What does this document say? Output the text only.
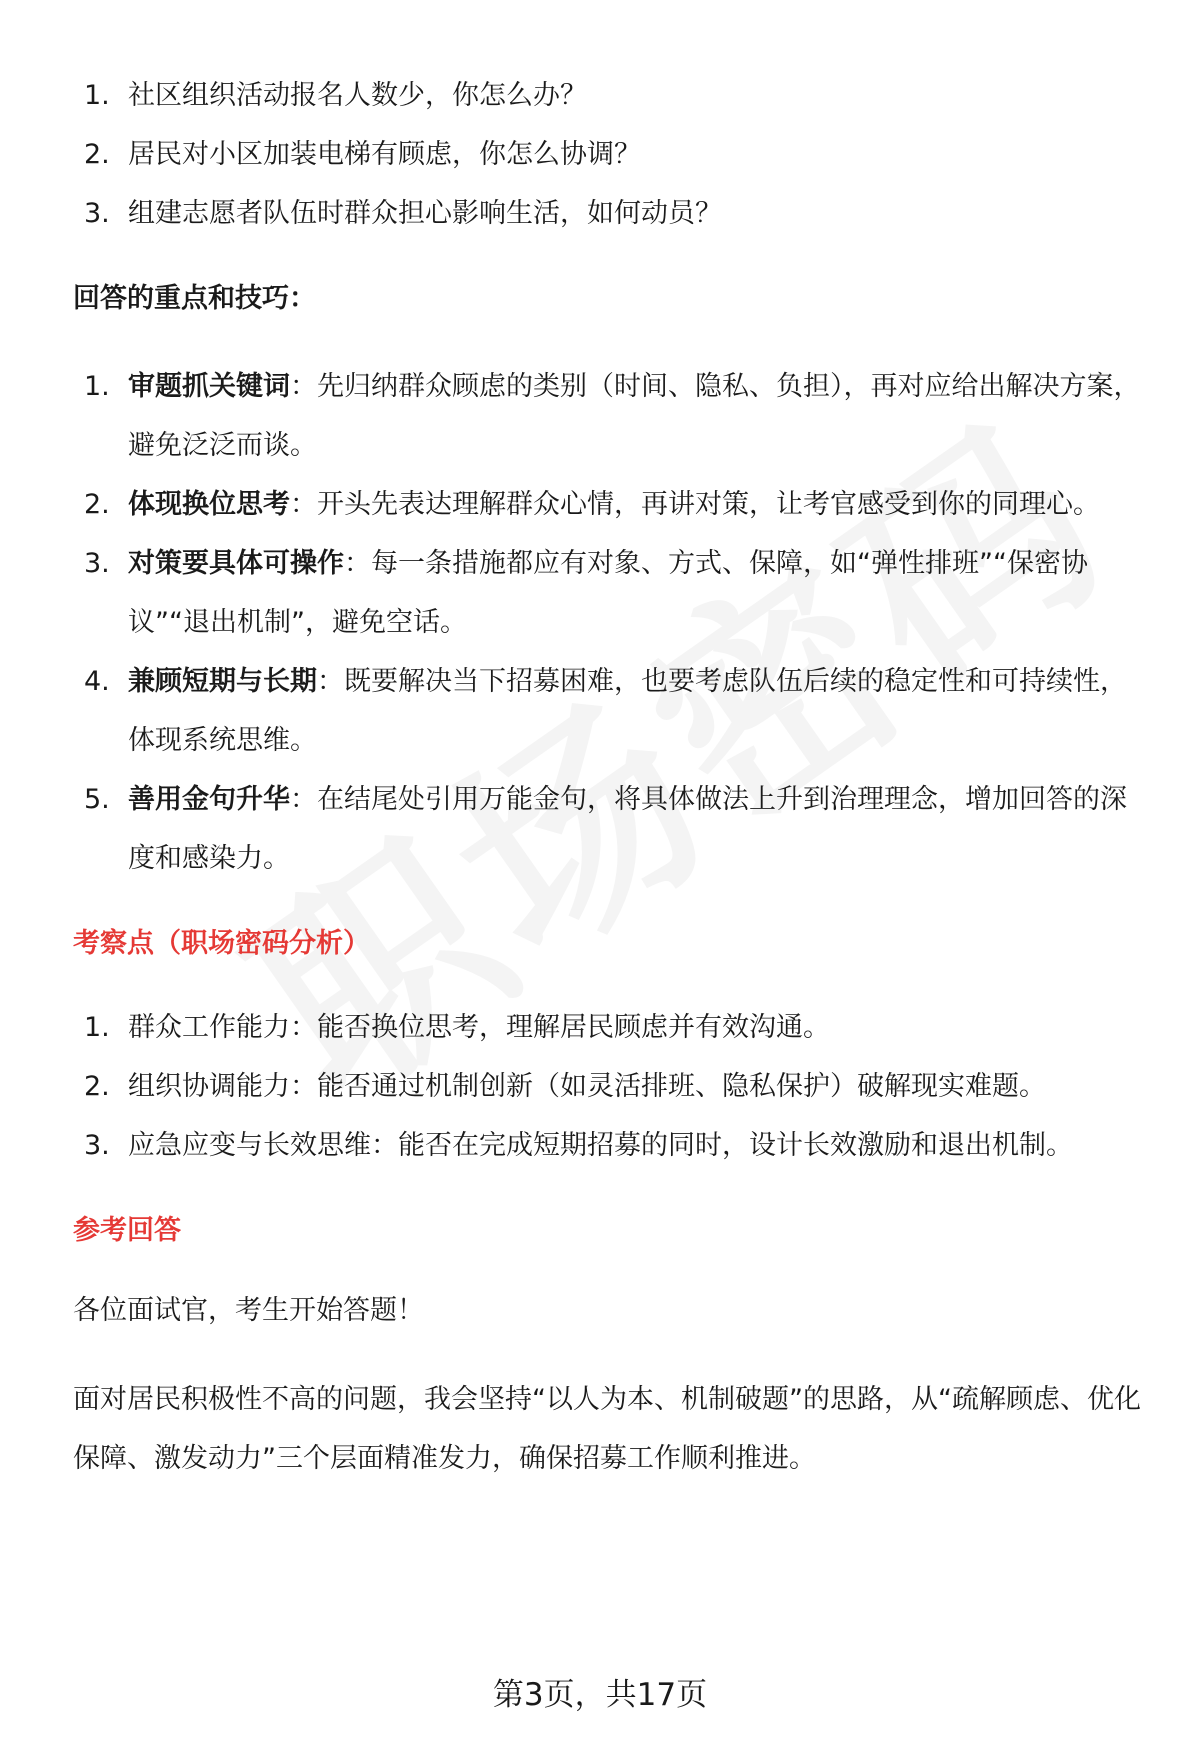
1. 社区组织活动报名人数少，你怎么办？
2. 居民对小区加装电梯有顾虑，你怎么协调？
3. 组建志愿者队伍时群众担心影响生活，如何动员？
回答的重点和技巧：
1. 审题抓关键词：先归纳群众顾虑的类别（时间、隐私、负担），再对应给出解决方案，避免泛泛而谈。
2. 体现换位思考：开头先表达理解群众心情，再讲对策，让考官感受到你的同理心。
3. 对策要具体可操作：每一条措施都应有对象、方式、保障，如“弹性排班”“保密协议”“退出机制”，避免空话。
4. 兼顾短期与长期：既要解决当下招募困难，也要考虑队伍后续的稳定性和可持续性，体现系统思维。
5. 善用金句升华：在结尾处引用万能金句，将具体做法上升到治理理念，增加回答的深度和感染力。
考察点（职场密码分析）
1. 群众工作能力：能否换位思考，理解居民顾虑并有效沟通。
2. 组织协调能力：能否通过机制创新（如灵活排班、隐私保护）破解现实难题。
3. 应急应变与长效思维：能否在完成短期招募的同时，设计长效激励和退出机制。
参考回答

各位面试官，考生开始答题！

面对居民积极性不高的问题，我会坚持“以人为本、机制破题”的思路，从“疏解顾虑、优化保障、激发动力”三个层面精准发力，确保招募工作顺利推进。

第3页，共17页
